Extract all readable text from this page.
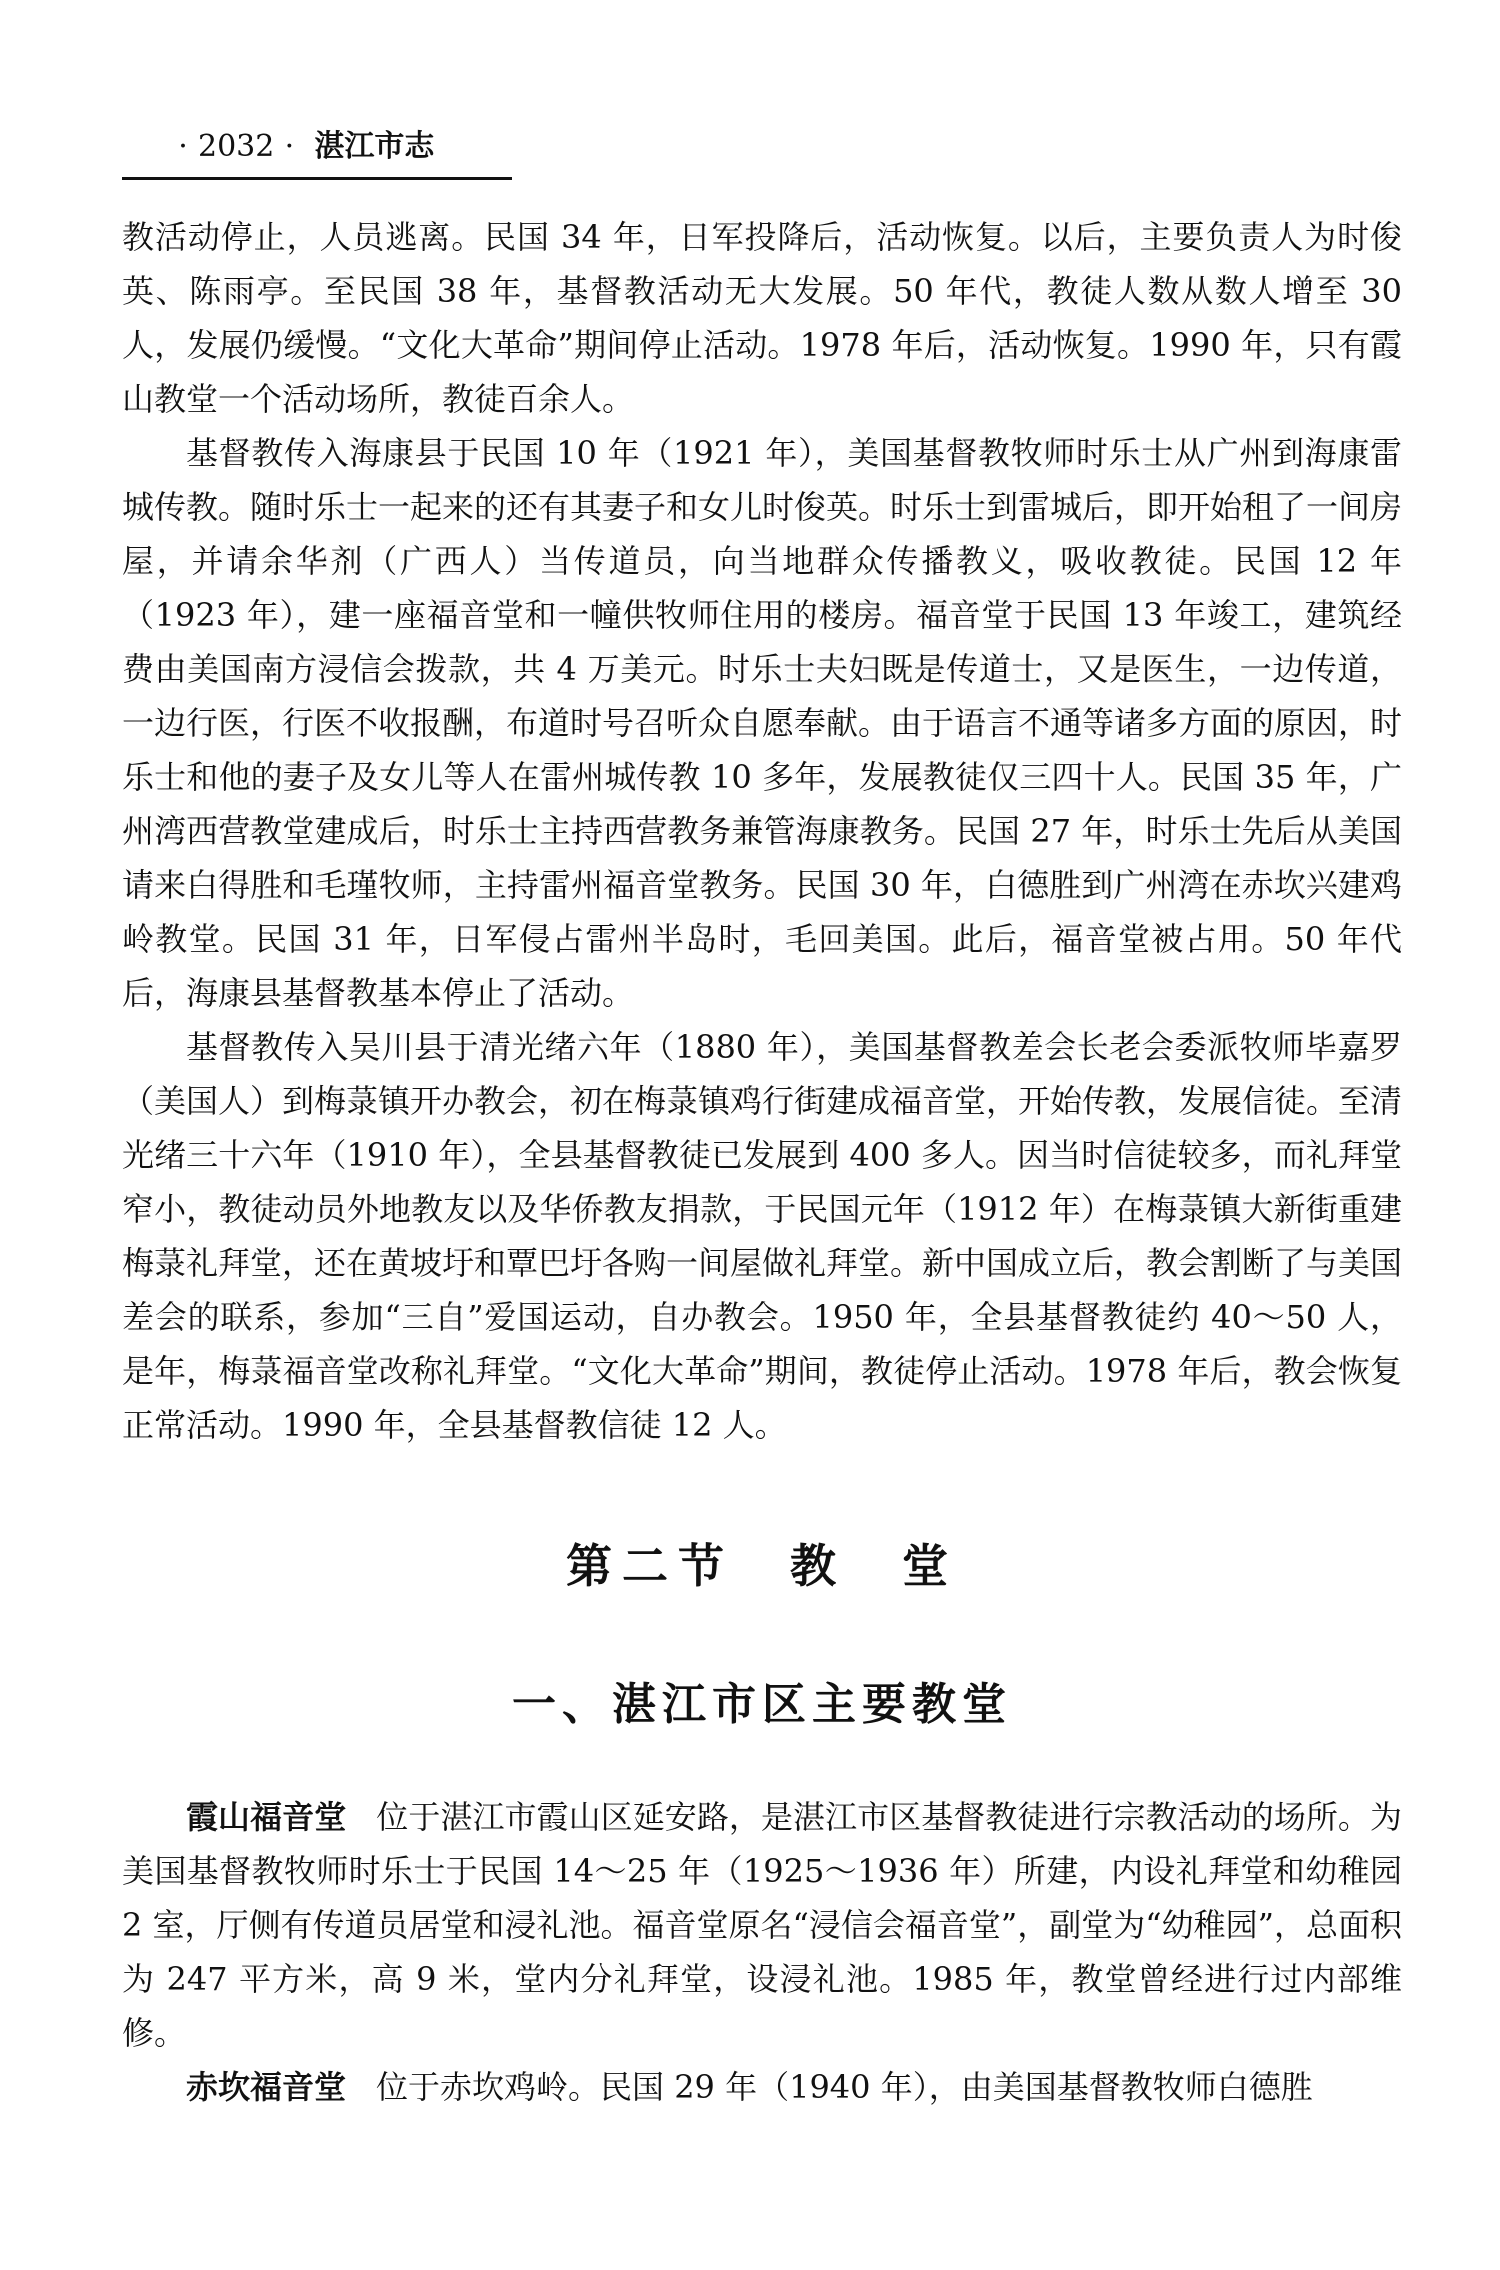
· 2032 · 湛江市志

教活动停止，人员逃离。民国 34 年，日军投降后，活动恢复。以后，主要负责人为时俊英、陈雨亭。至民国 38 年，基督教活动无大发展。50 年代，教徒人数从数人增至 30 人，发展仍缓慢。“文化大革命”期间停止活动。1978 年后，活动恢复。1990 年，只有霞山教堂一个活动场所，教徒百余人。

基督教传入海康县于民国 10 年（1921 年），美国基督教牧师时乐士从广州到海康雷城传教。随时乐士一起来的还有其妻子和女儿时俊英。时乐士到雷城后，即开始租了一间房屋，并请余华剂（广西人）当传道员，向当地群众传播教义，吸收教徒。民国 12 年（1923 年），建一座福音堂和一幢供牧师住用的楼房。福音堂于民国 13 年竣工，建筑经费由美国南方浸信会拨款，共 4 万美元。时乐士夫妇既是传道士，又是医生，一边传道，一边行医，行医不收报酬，布道时号召听众自愿奉献。由于语言不通等诸多方面的原因，时乐士和他的妻子及女儿等人在雷州城传教 10 多年，发展教徒仅三四十人。民国 35 年，广州湾西营教堂建成后，时乐士主持西营教务兼管海康教务。民国 27 年，时乐士先后从美国请来白得胜和毛瑾牧师，主持雷州福音堂教务。民国 30 年，白德胜到广州湾在赤坎兴建鸡岭教堂。民国 31 年，日军侵占雷州半岛时，毛回美国。此后，福音堂被占用。50 年代后，海康县基督教基本停止了活动。

基督教传入吴川县于清光绪六年（1880 年），美国基督教差会长老会委派牧师毕嘉罗（美国人）到梅菉镇开办教会，初在梅菉镇鸡行街建成福音堂，开始传教，发展信徒。至清光绪三十六年（1910 年），全县基督教徒已发展到 400 多人。因当时信徒较多，而礼拜堂窄小，教徒动员外地教友以及华侨教友捐款，于民国元年（1912 年）在梅菉镇大新街重建梅菉礼拜堂，还在黄坡圩和覃巴圩各购一间屋做礼拜堂。新中国成立后，教会割断了与美国差会的联系，参加“三自”爱国运动，自办教会。1950 年，全县基督教徒约 40～50 人，是年，梅菉福音堂改称礼拜堂。“文化大革命”期间，教徒停止活动。1978 年后，教会恢复正常活动。1990 年，全县基督教信徒 12 人。

第二节　教　堂
一、湛江市区主要教堂

霞山福音堂 位于湛江市霞山区延安路，是湛江市区基督教徒进行宗教活动的场所。为美国基督教牧师时乐士于民国 14～25 年（1925～1936 年）所建，内设礼拜堂和幼稚园 2 室，厅侧有传道员居堂和浸礼池。福音堂原名“浸信会福音堂”，副堂为“幼稚园”，总面积为 247 平方米，高 9 米，堂内分礼拜堂，设浸礼池。1985 年，教堂曾经进行过内部维修。

赤坎福音堂 位于赤坎鸡岭。民国 29 年（1940 年），由美国基督教牧师白德胜
